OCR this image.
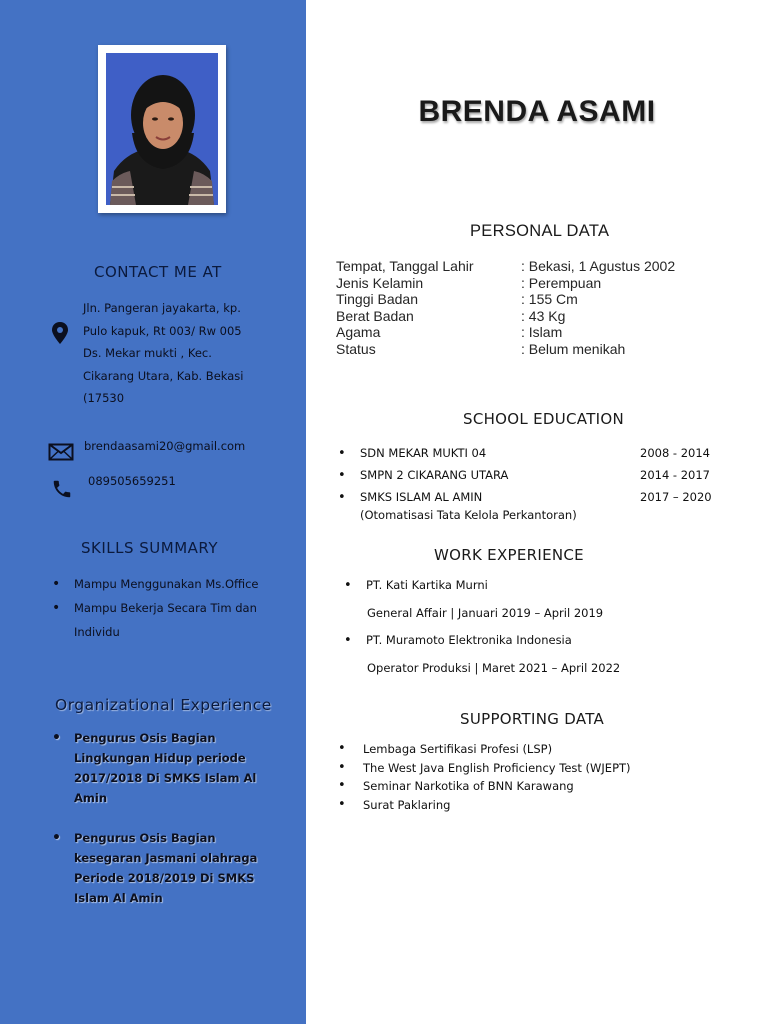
CONTACT ME AT
Jln. Pangeran jayakarta, kp.
Pulo kapuk, Rt 003/ Rw 005
Ds. Mekar mukti , Kec.
Cikarang Utara, Kab. Bekasi
(17530
brendaasami20@gmail.com
089505659251
SKILLS SUMMARY
• Mampu Menggunakan Ms.Office
• Mampu Bekerja Secara Tim dan Individu
Organizational Experience
• Pengurus Osis Bagian Lingkungan Hidup periode 2017/2018 Di SMKS Islam Al Amin
• Pengurus Osis Bagian kesegaran Jasmani olahraga Periode 2018/2019 Di SMKS Islam Al Amin
BRENDA ASAMI
PERSONAL DATA
Tempat, Tanggal Lahir	: Bekasi, 1 Agustus 2002
Jenis Kelamin	: Perempuan
Tinggi Badan	: 155 Cm
Berat Badan	: 43 Kg
Agama	: Islam
Status	: Belum menikah
SCHOOL EDUCATION
• SDN MEKAR MUKTI 04	2008 - 2014
• SMPN 2 CIKARANG UTARA	2014 - 2017
• SMKS ISLAM AL AMIN	2017 – 2020
(Otomatisasi Tata Kelola Perkantoran)
WORK EXPERIENCE
• PT. Kati Kartika Murni
General Affair | Januari 2019 – April 2019
• PT. Muramoto Elektronika Indonesia
Operator Produksi | Maret 2021 – April 2022
SUPPORTING DATA
• Lembaga Sertifikasi Profesi (LSP)
• The West Java English Proficiency Test (WJEPT)
• Seminar Narkotika of BNN Karawang
• Surat Paklaring
